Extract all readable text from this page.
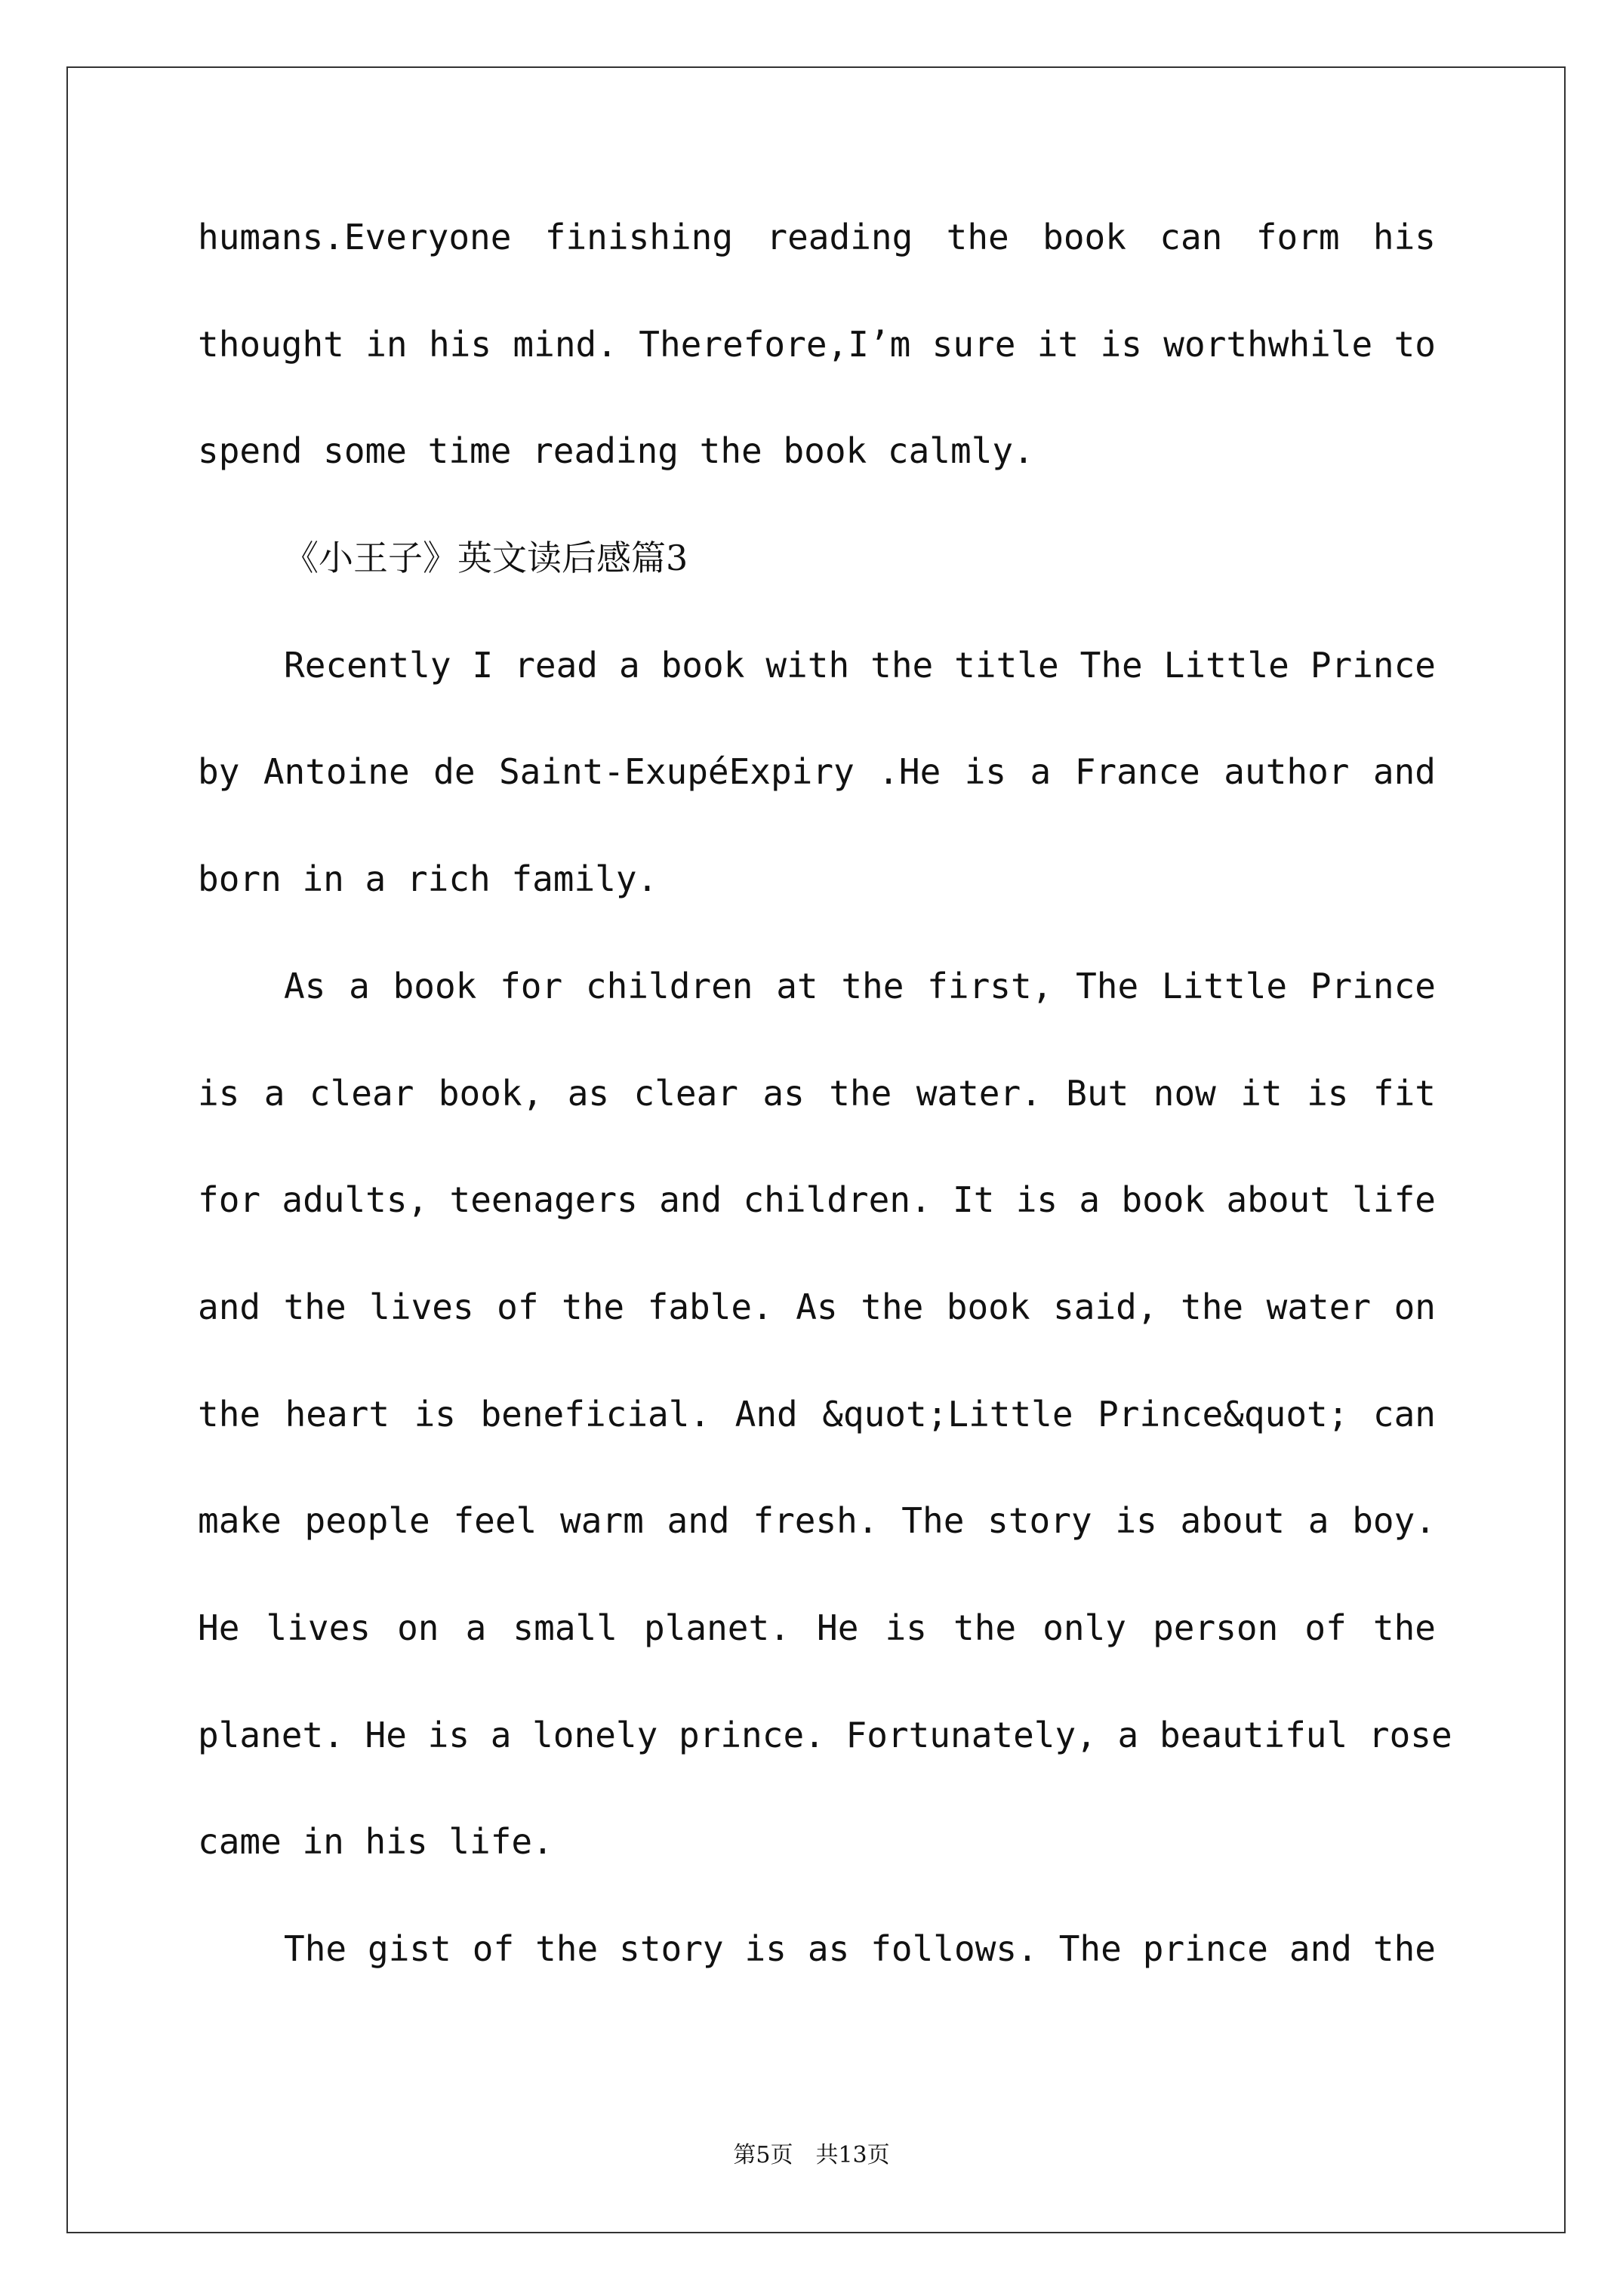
humans.Everyone finishing reading the book can form his
thought in his mind. Therefore,I’m sure it is worthwhile to
spend some time reading the book calmly.
《小王子》英文读后感篇3
Recently I read a book with the title The Little Prince
by Antoine de Saint-ExupéExpiry .He is a France author and
born in a rich family.
As a book for children at the first, The Little Prince
is a clear book, as clear as the water. But now it is fit
for adults, teenagers and children. It is a book about life
and the lives of the fable. As the book said, the water on
the heart is beneficial. And &quot;Little Prince&quot; can
make people feel warm and fresh. The story is about a boy.
He lives on a small planet. He is the only person of the
planet. He is a lonely prince. Fortunately, a beautiful rose
came in his life.
The gist of the story is as follows. The prince and the
第5页 共13页
